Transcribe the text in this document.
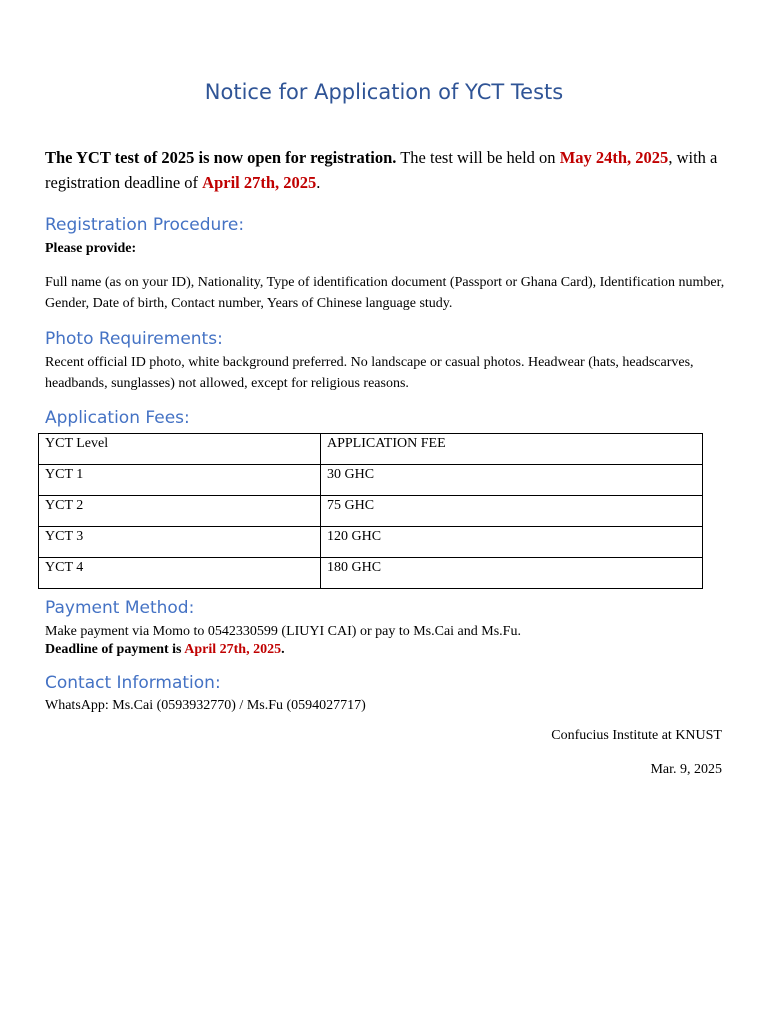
Notice for Application of YCT Tests

The YCT test of 2025 is now open for registration. The test will be held on May 24th, 2025, with a registration deadline of April 27th, 2025.

Registration Procedure:

Please provide:

Full name (as on your ID), Nationality, Type of identification document (Passport or Ghana Card), Identification number, Gender, Date of birth, Contact number, Years of Chinese language study.

Photo Requirements:

Recent official ID photo, white background preferred. No landscape or casual photos. Headwear (hats, headscarves, headbands, sunglasses) not allowed, except for religious reasons.

Application Fees:
YCT Level	APPLICATION FEE
YCT 1	30 GHC
YCT 2	75 GHC
YCT 3	120 GHC
YCT 4	180 GHC
Payment Method:

Make payment via Momo to 0542330599 (LIUYI CAI) or pay to Ms.Cai and Ms.Fu.

Deadline of payment is April 27th, 2025.

Contact Information:

WhatsApp: Ms.Cai (0593932770) / Ms.Fu (0594027717)

Confucius Institute at KNUST

Mar. 9, 2025
